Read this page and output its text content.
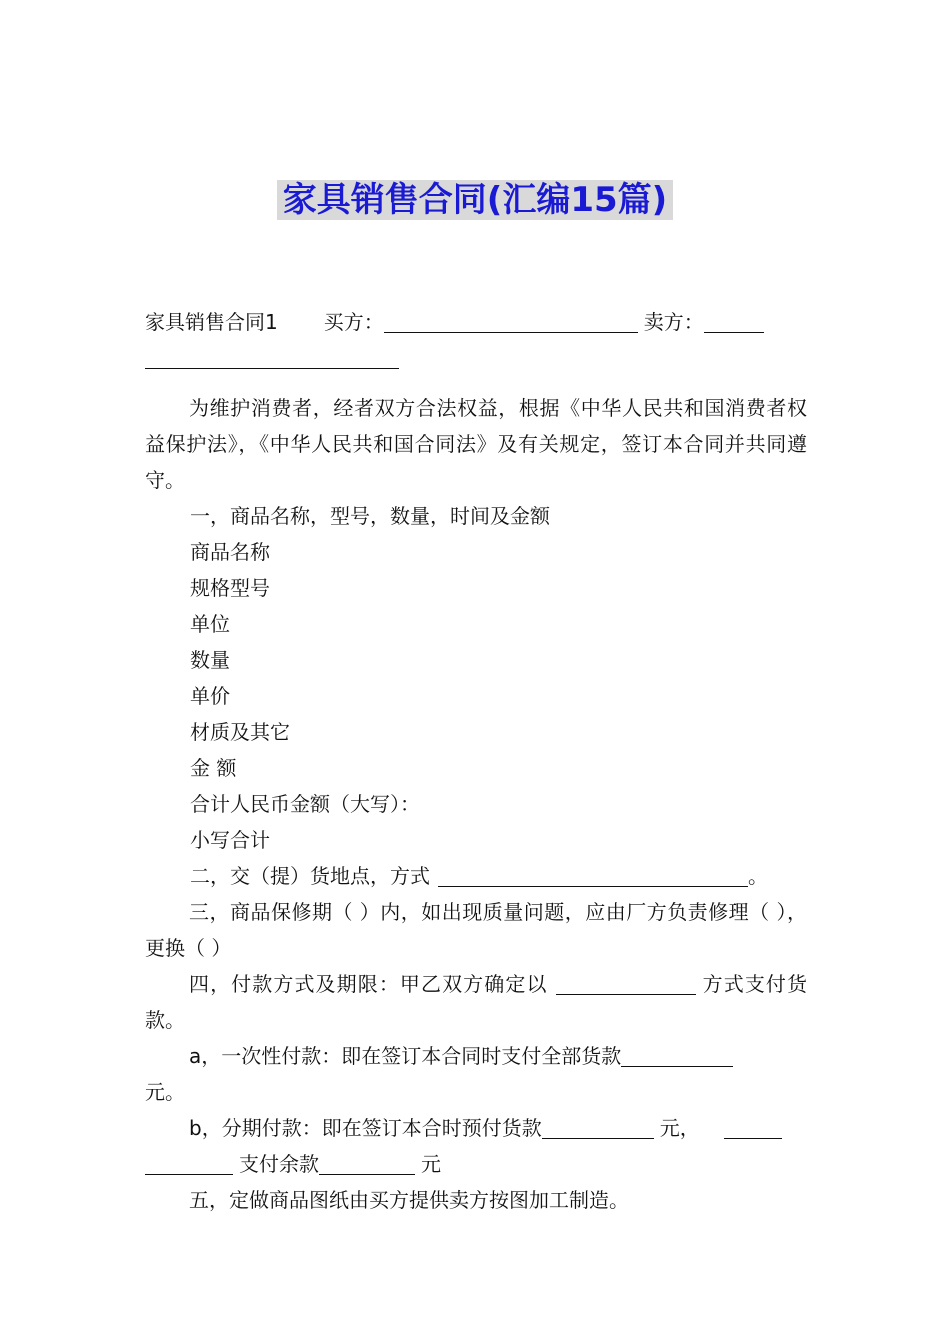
家具销售合同(汇编15篇)

家具销售合同1 买方：	卖方：

为维护消费者，经者双方合法权益，根据《中华人民共和国消费者权益保护法》，《中华人民共和国合同法》及有关规定，签订本合同并共同遵守。

一，商品名称，型号，数量，时间及金额

商品名称

规格型号

单位

数量

单价

材质及其它

金 额

合计人民币金额（大写）：

小写合计

二，交（提）货地点，方式	。

三，商品保修期（ ）内，如出现质量问题，应由厂方负责修理（ ），更换（ ）

四，付款方式及期限：甲乙双方确定以	方式支付货款。

a，一次性付款：即在签订本合同时支付全部货款
元。

b，分期付款：即在签订本合时预付货款	元，
支付余款	元

五，定做商品图纸由买方提供卖方按图加工制造。
